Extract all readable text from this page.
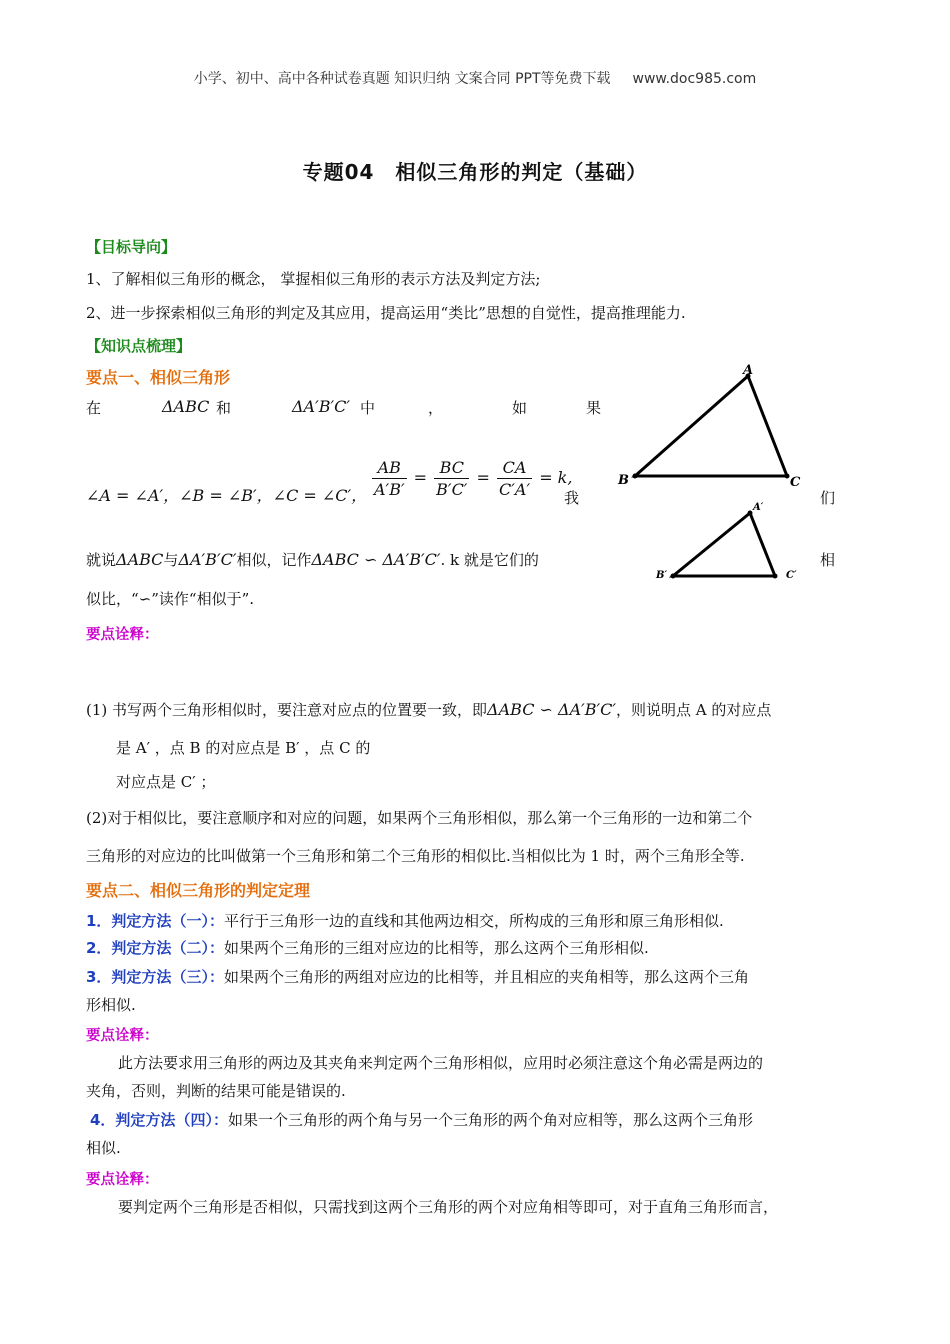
小学、初中、高中各种试卷真题 知识归纳 文案合同 PPT等免费下载 www.doc985.com
专题04　相似三角形的判定（基础）
【目标导向】
1、了解相似三角形的概念， 掌握相似三角形的表示方法及判定方法;
2、进一步探索相似三角形的判定及其应用，提高运用“类比”思想的自觉性，提高推理能力.
【知识点梳理】
要点一、相似三角形
在	ΔABC 和	ΔA′B′C′ 中	，	如	果
∠A = ∠A′，∠B = ∠B′，∠C = ∠C′， $\frac{AB}{A'B'} = \frac{BC}{B'C'} = \frac{CA}{C'A'} = k$,
我	们
就说ΔABC与ΔA′B′C′相似，记作ΔABC ∽ ΔA′B′C′. k 就是它们的	相
似比，“∽”读作“相似于”.
要点诠释：
(1) 书写两个三角形相似时，要注意对应点的位置要一致，即ΔABC ∽ ΔA′B′C′，则说明点 A 的对应点
是 A′ ，点 B 的对应点是 B′ ，点 C 的
对应点是 C′ ；
(2)对于相似比，要注意顺序和对应的问题，如果两个三角形相似，那么第一个三角形的一边和第二个
三角形的对应边的比叫做第一个三角形和第二个三角形的相似比.当相似比为 1 时，两个三角形全等.
要点二、相似三角形的判定定理
1．判定方法（一）：平行于三角形一边的直线和其他两边相交，所构成的三角形和原三角形相似.
2．判定方法（二）：如果两个三角形的三组对应边的比相等，那么这两个三角形相似.
3．判定方法（三）：如果两个三角形的两组对应边的比相等，并且相应的夹角相等，那么这两个三角
形相似.
要点诠释：
此方法要求用三角形的两边及其夹角来判定两个三角形相似，应用时必须注意这个角必需是两边的
夹角，否则，判断的结果可能是错误的.
4．判定方法（四）：如果一个三角形的两个角与另一个三角形的两个角对应相等，那么这两个三角形
相似.
要点诠释：
要判定两个三角形是否相似，只需找到这两个三角形的两个对应角相等即可，对于直角三角形而言，
A
B	C
A′
B′	C′
